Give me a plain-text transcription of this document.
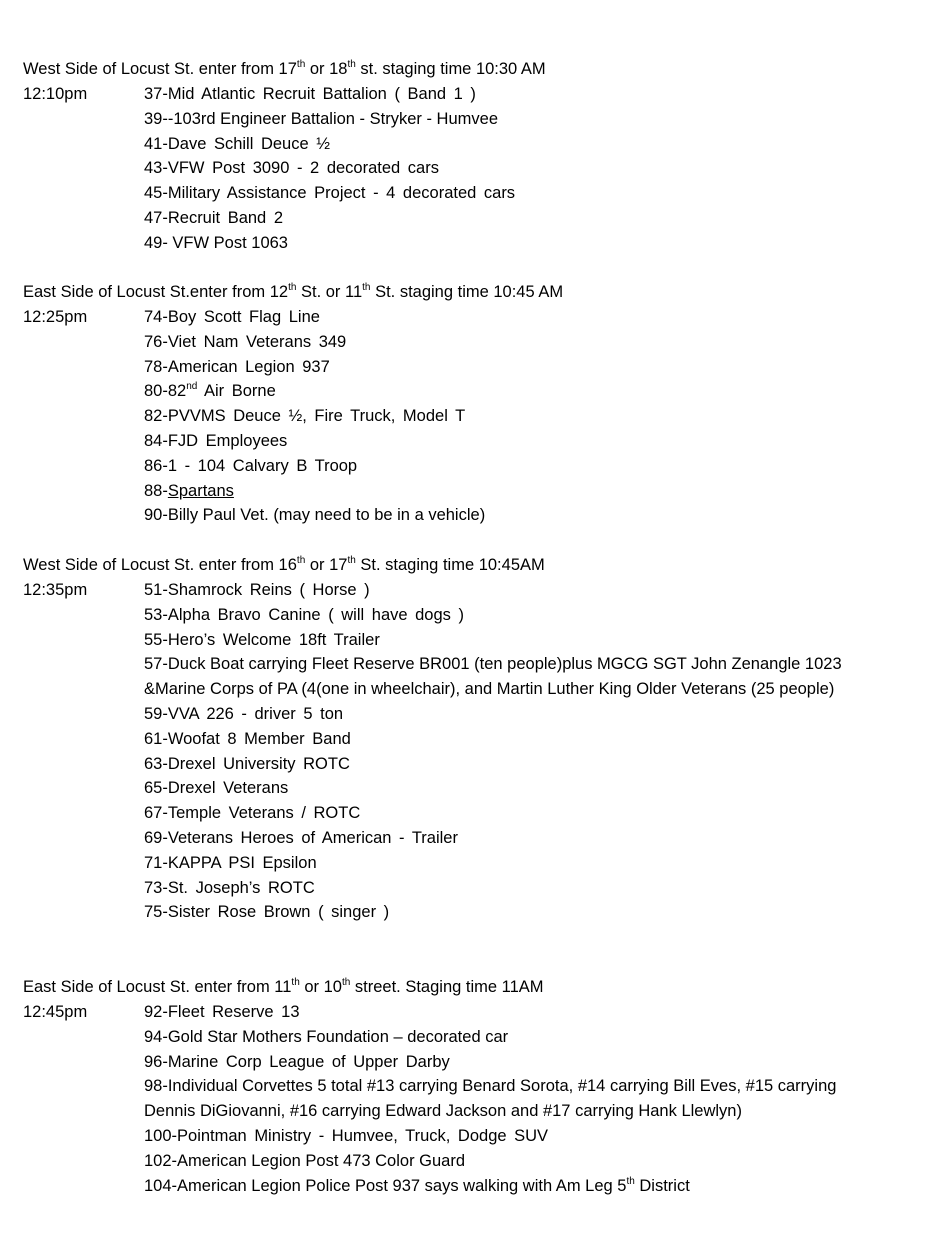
West Side of Locust St. enter from 17th or 18th st. staging time 10:30 AM
12:10pm	37-Mid Atlantic Recruit Battalion ( Band 1 )
39--103rd Engineer Battalion - Stryker - Humvee
41-Dave Schill Deuce ½
43-VFW Post 3090 - 2 decorated cars
45-Military Assistance Project - 4 decorated cars
47-Recruit Band 2
49- VFW Post 1063
East Side of Locust St.enter from 12th St. or 11th St. staging time 10:45 AM
12:25pm	74-Boy Scott Flag Line
76-Viet Nam Veterans 349
78-American Legion 937
80-82nd Air Borne
82-PVVMS Deuce ½, Fire Truck, Model T
84-FJD Employees
86-1 - 104 Calvary B Troop
88-Spartans
90-Billy Paul Vet. (may need to be in a vehicle)
West Side of Locust St. enter from 16th or 17th St. staging time 10:45AM
12:35pm	51-Shamrock Reins ( Horse )
53-Alpha Bravo Canine ( will have dogs )
55-Hero’s Welcome 18ft Trailer
57-Duck Boat carrying Fleet Reserve BR001 (ten people)plus MGCG SGT John Zenangle 1023
&Marine Corps of PA (4(one in wheelchair), and Martin Luther King Older Veterans (25 people)
59-VVA 226 - driver 5 ton
61-Woofat 8 Member Band
63-Drexel University ROTC
65-Drexel Veterans
67-Temple Veterans / ROTC
69-Veterans Heroes of American - Trailer
71-KAPPA PSI Epsilon
73-St. Joseph’s ROTC
75-Sister Rose Brown ( singer )
East Side of Locust St. enter from 11th or 10th street. Staging time 11AM
12:45pm	92-Fleet Reserve 13
94-Gold Star Mothers Foundation – decorated car
96-Marine Corp League of Upper Darby
98-Individual Corvettes 5 total #13 carrying Benard Sorota, #14 carrying Bill Eves, #15 carrying
Dennis DiGiovanni, #16 carrying Edward Jackson and #17 carrying Hank Llewlyn)
100-Pointman Ministry - Humvee, Truck, Dodge SUV
102-American Legion Post 473 Color Guard
104-American Legion Police Post 937 says walking with Am Leg 5th District
